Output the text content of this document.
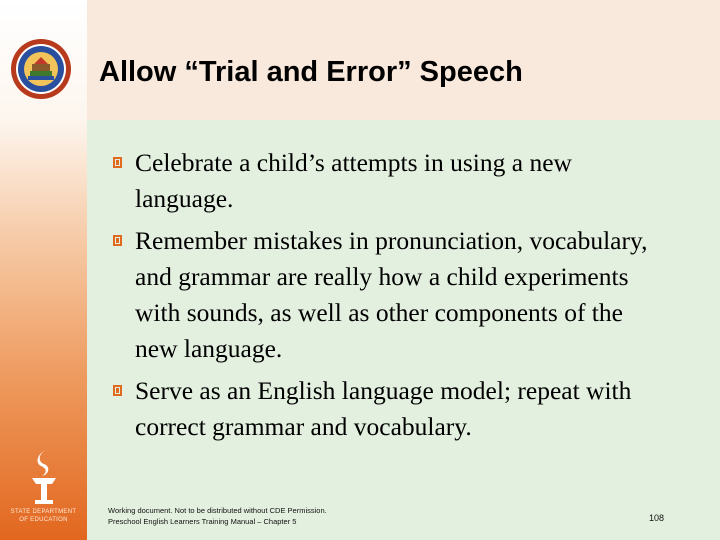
STATE DEPARTMENT
OF EDUCATION
Allow “Trial and Error” Speech
Celebrate a child’s attempts in using a new language.
Remember mistakes in pronunciation, vocabulary, and grammar are really how a child experiments with sounds, as well as other components of the new language.
Serve as an English language model; repeat with correct grammar and vocabulary.
Working document. Not to be distributed without CDE Permission.
Preschool English Learners Training Manual – Chapter 5	108
